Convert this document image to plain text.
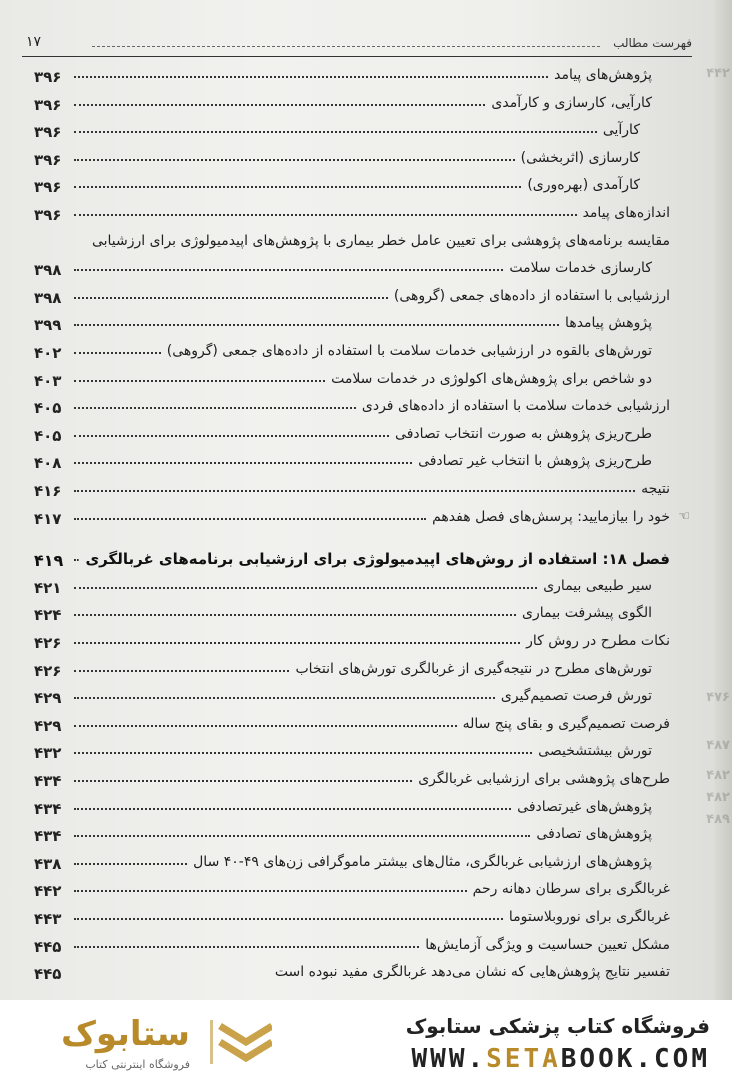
فهرست مطالب
۱۷
پژوهش‌های پیامد
۳۹۶
کارآیی، کارسازی و کارآمدی
۳۹۶
کارآیی
۳۹۶
کارسازی (اثربخشی)
۳۹۶
کارآمدی (بهره‌وری)
۳۹۶
اندازه‌های پیامد
۳۹۶
مقایسه برنامه‌های پژوهشی برای تعیین عامل خطر بیماری با پژوهش‌های اپیدمیولوژی برای ارزشیابی
کارسازی خدمات سلامت
۳۹۸
ارزشیابی با استفاده از داده‌های جمعی (گروهی)
۳۹۸
پژوهش پیامدها
۳۹۹
تورش‌های بالقوه در ارزشیابی خدمات سلامت با استفاده از داده‌های جمعی (گروهی)
۴۰۲
دو شاخص برای پژوهش‌های اکولوژی در خدمات سلامت
۴۰۳
ارزشیابی خدمات سلامت با استفاده از داده‌های فردی
۴۰۵
طرح‌ریزی پژوهش به صورت انتخاب تصادفی
۴۰۵
طرح‌ریزی پژوهش با انتخاب غیر تصادفی
۴۰۸
نتیجه
۴۱۶
خود را بیازمایید: پرسش‌های فصل هفدهم ☜
۴۱۷
فصل ۱۸: استفاده از روش‌های اپیدمیولوژی برای ارزشیابی برنامه‌های غربالگری
۴۱۹
سیر طبیعی بیماری
۴۲۱
الگوی پیشرفت بیماری
۴۲۴
نکات مطرح در روش کار
۴۲۶
تورش‌های مطرح در نتیجه‌گیری از غربالگری تورش‌های انتخاب
۴۲۶
تورش فرصت تصمیم‌گیری
۴۲۹
فرصت تصمیم‌گیری و بقای پنج ساله
۴۲۹
تورش بیشتشخیصی
۴۳۲
طرح‌های پژوهشی برای ارزشیابی غربالگری
۴۳۴
پژوهش‌های غیرتصادفی
۴۳۴
پژوهش‌های تصادفی
۴۳۴
پژوهش‌های ارزشیابی غربالگری، مثال‌های بیشتر ماموگرافی زن‌های ۴۹-۴۰ سال
۴۳۸
غربالگری برای سرطان دهانه رحم
۴۴۲
غربالگری برای نوروبلاستوما
۴۴۳
مشکل تعیین حساسیت و ویژگی آزمایش‌ها
۴۴۵
تفسیر نتایج پژوهش‌هایی که نشان می‌دهد غربالگری مفید نبوده است
۴۴۵
۴۴۲
۴۷۶
۴۸۷
۴۸۲
۴۸۲
۴۸۹
ستابوک
فروشگاه اینترنتی کتاب
فروشگاه کتاب پزشکی ستابوک
WWW.SETABOOK.COM
